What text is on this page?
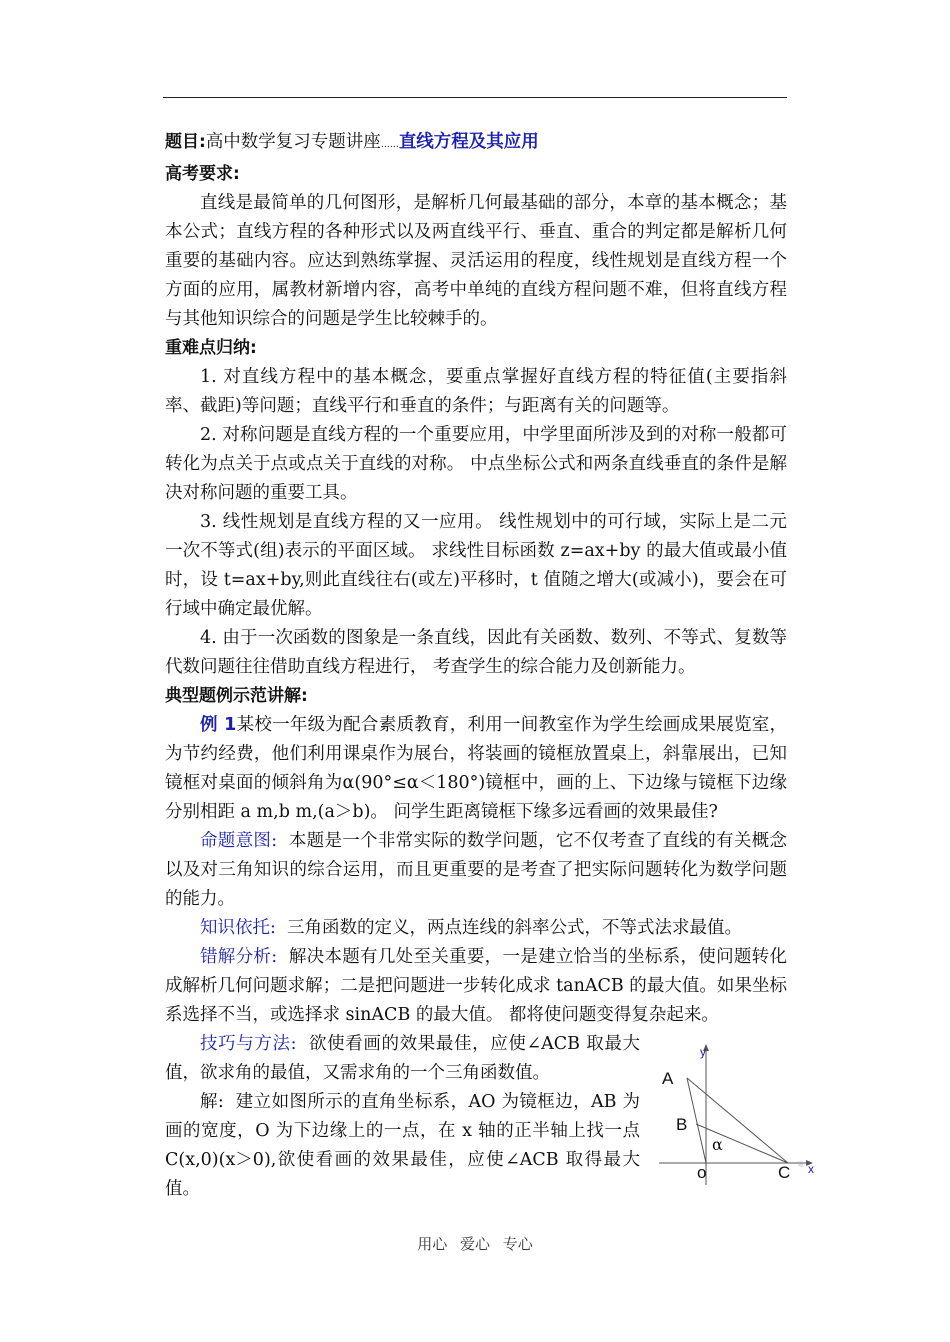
题目:高中数学复习专题讲座……直线方程及其应用

高考要求:

直线是最简单的几何图形，是解析几何最基础的部分，本章的基本概念；基本公式；直线方程的各种形式以及两直线平行、垂直、重合的判定都是解析几何重要的基础内容。应达到熟练掌握、灵活运用的程度，线性规划是直线方程一个方面的应用，属教材新增内容，高考中单纯的直线方程问题不难，但将直线方程与其他知识综合的问题是学生比较棘手的。

重难点归纳:

1. 对直线方程中的基本概念，要重点掌握好直线方程的特征值(主要指斜率、截距)等问题；直线平行和垂直的条件；与距离有关的问题等。

2. 对称问题是直线方程的一个重要应用，中学里面所涉及到的对称一般都可转化为点关于点或点关于直线的对称。 中点坐标公式和两条直线垂直的条件是解决对称问题的重要工具。

3. 线性规划是直线方程的又一应用。 线性规划中的可行域，实际上是二元一次不等式(组)表示的平面区域。 求线性目标函数 z=ax+by 的最大值或最小值时，设 t=ax+by,则此直线往右(或左)平移时，t 值随之增大(或减小)，要会在可行域中确定最优解。

4. 由于一次函数的图象是一条直线，因此有关函数、数列、不等式、复数等代数问题往往借助直线方程进行， 考查学生的综合能力及创新能力。

典型题例示范讲解:

例 1某校一年级为配合素质教育，利用一间教室作为学生绘画成果展览室，为节约经费，他们利用课桌作为展台，将装画的镜框放置桌上，斜靠展出，已知镜框对桌面的倾斜角为α(90°≤α＜180°)镜框中，画的上、下边缘与镜框下边缘分别相距 a m,b m,(a＞b)。 问学生距离镜框下缘多远看画的效果最佳?

命题意图: 本题是一个非常实际的数学问题，它不仅考查了直线的有关概念以及对三角知识的综合运用，而且更重要的是考查了把实际问题转化为数学问题的能力。

知识依托: 三角函数的定义，两点连线的斜率公式，不等式法求最值。

错解分析: 解决本题有几处至关重要，一是建立恰当的坐标系，使问题转化成解析几何问题求解；二是把问题进一步转化成求 tanACB 的最大值。如果坐标系选择不当，或选择求 sinACB 的最大值。 都将使问题变得复杂起来。

技巧与方法: 欲使看画的效果最佳，应使∠ACB 取最大值，欲求角的最值，又需求角的一个三角函数值。

解: 建立如图所示的直角坐标系，AO 为镜框边，AB 为画的宽度，O 为下边缘上的一点，在 x 轴的正半轴上找一点 C(x,0)(x＞0),欲使看画的效果最佳，应使∠ACB 取得最大值。

y
x
A
B
o	C
α
题
用心 爱心 专心
